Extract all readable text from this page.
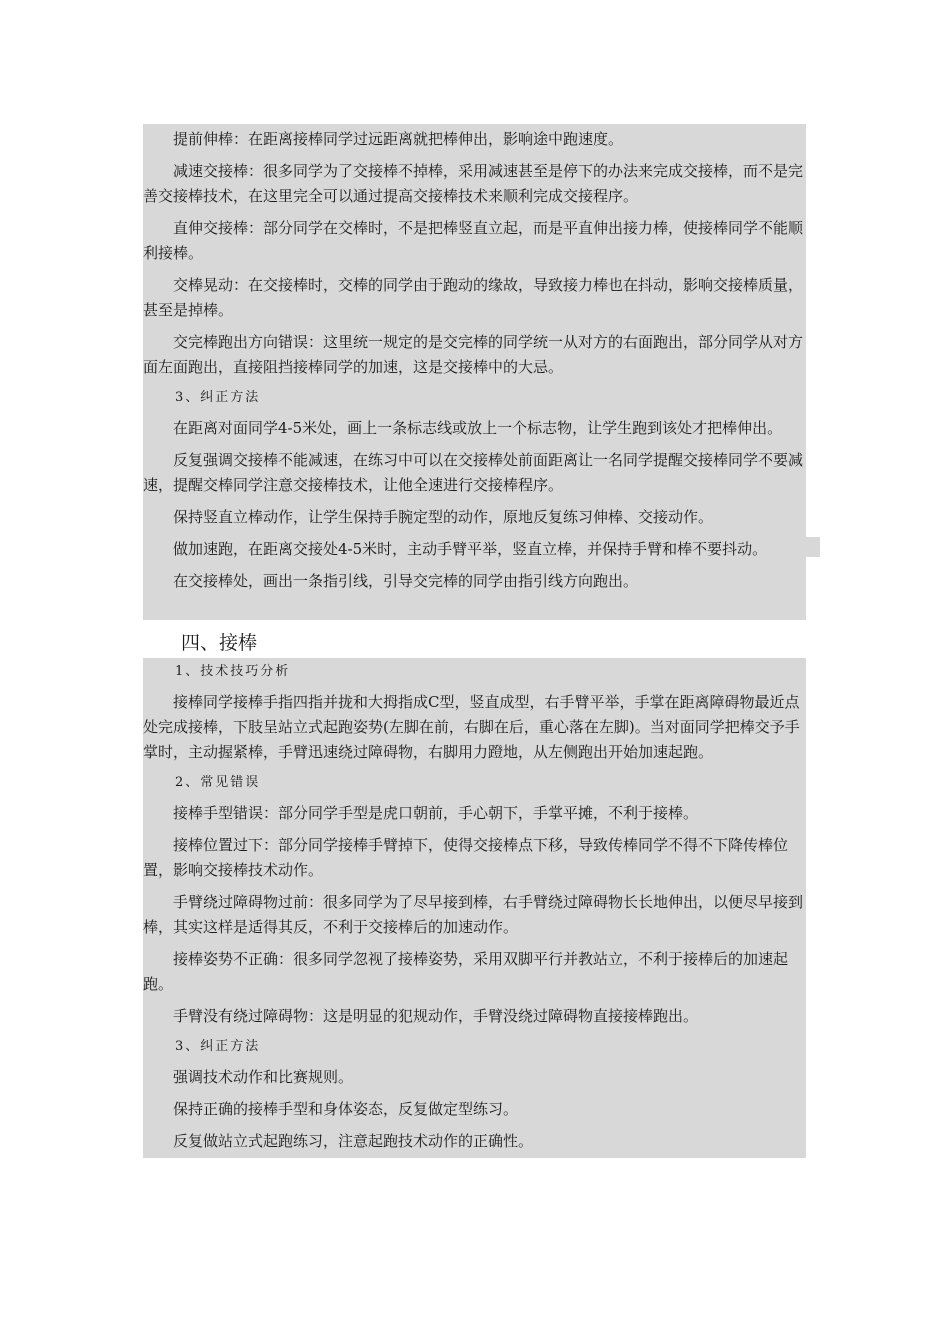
提前伸棒：在距离接棒同学过远距离就把棒伸出，影响途中跑速度。
减速交接棒：很多同学为了交接棒不掉棒，采用减速甚至是停下的办法来完成交接棒，而不是完善交接棒技术，在这里完全可以通过提高交接棒技术来顺利完成交接程序。
直伸交接棒：部分同学在交棒时，不是把棒竖直立起，而是平直伸出接力棒，使接棒同学不能顺利接棒。
交棒晃动：在交接棒时，交棒的同学由于跑动的缘故，导致接力棒也在抖动，影响交接棒质量，甚至是掉棒。
交完棒跑出方向错误：这里统一规定的是交完棒的同学统一从对方的右面跑出，部分同学从对方面左面跑出，直接阻挡接棒同学的加速，这是交接棒中的大忌。
3、纠正方法
在距离对面同学4-5米处，画上一条标志线或放上一个标志物，让学生跑到该处才把棒伸出。
反复强调交接棒不能减速，在练习中可以在交接棒处前面距离让一名同学提醒交接棒同学不要减速，提醒交棒同学注意交接棒技术，让他全速进行交接棒程序。
保持竖直立棒动作，让学生保持手腕定型的动作，原地反复练习伸棒、交接动作。
做加速跑，在距离交接处4-5米时，主动手臂平举，竖直立棒，并保持手臂和棒不要抖动。
在交接棒处，画出一条指引线，引导交完棒的同学由指引线方向跑出。
四、接棒
1、技术技巧分析
接棒同学接棒手指四指并拢和大拇指成C型，竖直成型，右手臂平举，手掌在距离障碍物最近点处完成接棒，下肢呈站立式起跑姿势(左脚在前，右脚在后，重心落在左脚)。当对面同学把棒交予手掌时，主动握紧棒，手臂迅速绕过障碍物，右脚用力蹬地，从左侧跑出开始加速起跑。
2、常见错误
接棒手型错误：部分同学手型是虎口朝前，手心朝下，手掌平摊，不利于接棒。
接棒位置过下：部分同学接棒手臂掉下，使得交接棒点下移，导致传棒同学不得不下降传棒位置，影响交接棒技术动作。
手臂绕过障碍物过前：很多同学为了尽早接到棒，右手臂绕过障碍物长长地伸出，以便尽早接到棒，其实这样是适得其反，不利于交接棒后的加速动作。
接棒姿势不正确：很多同学忽视了接棒姿势，采用双脚平行并教站立，不利于接棒后的加速起跑。
手臂没有绕过障碍物：这是明显的犯规动作，手臂没绕过障碍物直接接棒跑出。
3、纠正方法
强调技术动作和比赛规则。
保持正确的接棒手型和身体姿态，反复做定型练习。
反复做站立式起跑练习，注意起跑技术动作的正确性。
